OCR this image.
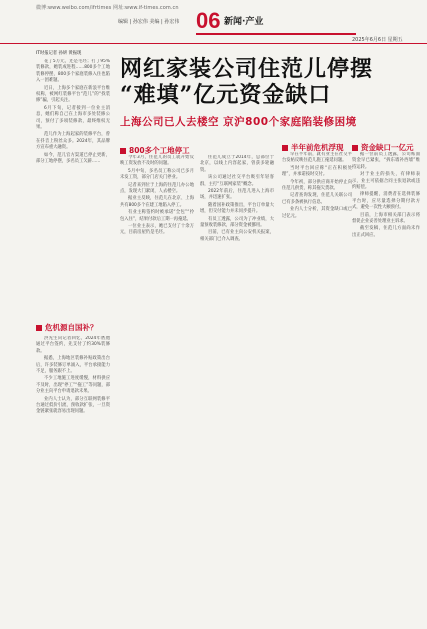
微博:www.weibo.com/ifrtimes 网址:www.if-times.com.cn
编辑 | 孙宏伟 美编 | 孙宏伟 06 新闻·产业
2025年6月6日 星期五
IT时报记者 孙妍 黄振现

花了5万元，还是毛坯；打了95%装修款，她装成进程……800多个工地装修停摆，800多个家庭装修入住也陷入一团难题。

近日，上海多个家庭在新浪平台维权称，被网红装修平台“范儿”的“找装修”骗，引起关注。

6月下旬，记者接到一位业主消息，她们称自己在上海市多处装修公司，预付了多项装修款，最终维权无果。

范儿作为上海起家的装修平台，曾在抖音上粉丝众多。2024年，其品牌方宣布重大融资。

如今，范儿官方渠道已停止更新，部分工地停摆，多名员工欠薪……

危机源自国补？

洪先生向记者回忆，2024年底他通过平台签约，先支付了约30%装修款。

据悉，上海地区装修补贴政策出台后，许多装修订单涌入，平台承接能力不足，服务跟不上。

不少工地施工进度缓慢，材料供应不及时，出现“停工”“拖工”等问题，部分业主向平台申请退款未果。

业内人士认为，部分互联网装修平台通过低价引流、预收款扩张，一旦资金链紧张就容易出现问题。

网红家装公司住范儿停摆
“难填”亿元资金缺口
上海公司已人去楼空 京沪800个家庭陷装修困境
800多个工地停工

今年3月，住范儿的员工就开始反映工资发放不及时的问题。

5月中旬，多名员工称公司已多月未发工资，部分门店关门停业。

记者来到位于上海的住范儿办公地点，发现大门紧闭，人去楼空。

据业主反映，住范儿在北京、上海共有800多个在建工地陷入停工。

有业主称签约时被承诺“全包”“拎包入住”，结果付款后工期一再拖延。

一位业主表示，她已支付了十余万元，目前房屋仍是毛坯。

住范儿成立于2014年，总部位于北京，以线上内容起家，曾获多轮融资。

该公司通过社交平台吸引年轻客群，主打“互联网家装”概念。

2022年前后，住范儿进入上海市场，并迅速扩张。

随着国补政策推出，平台订单量大增，但交付能力并未同步提升。

有员工透露，公司为了冲业绩，大量预收装修款，部分资金被挪用。

目前，已有业主向公安机关报案，相关部门已介入调查。

半年前危机浮现

早在半年前，就有业主在社交平台发帖反映住范儿施工拖延问题。

当时平台回应称“正在积极处理”，并承诺按时交付。

今年初，部分供应商开始停止向住范儿供货，称其拖欠货款。

记者查询发现，住范儿关联公司已有多条被执行信息。

业内人士分析，其资金缺口或已过亿元。

资金缺口一亿元

据一位前员工透露，公司账面资金早已紧张，“拆东墙补西墙”维持运转。

对于业主的损失，有律师表示，业主可依据合同主张退款或违约赔偿。

律师提醒，消费者在选择装修平台时，应尽量选择分期付款方式，避免一次性大额预付。

目前，上海市相关部门表示将督促企业妥善处理业主诉求。

截至发稿，住范儿方面尚未作出正式回应。
